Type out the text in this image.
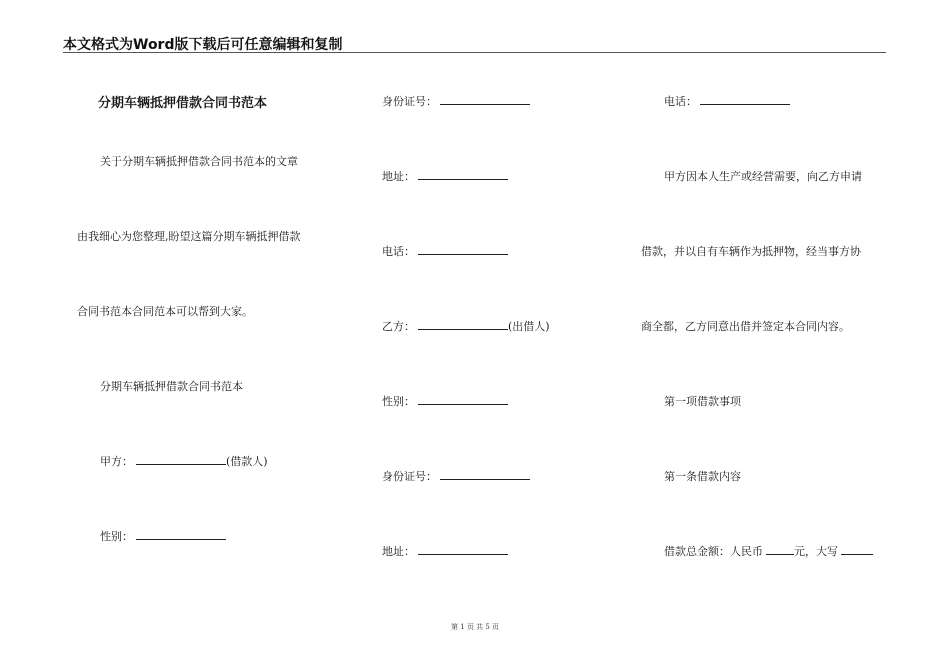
本文格式为Word版下载后可任意编辑和复制
分期车辆抵押借款合同书范本
关于分期车辆抵押借款合同书范本的文章
由我细心为您整理,盼望这篇分期车辆抵押借款
合同书范本合同范本可以帮到大家。
分期车辆抵押借款合同书范本
甲方：	(借款人)
性别：
身份证号：
地址：
电话：
乙方：	(出借人)
性别：
身份证号：
地址：
电话：
甲方因本人生产或经营需要，向乙方申请
借款，并以自有车辆作为抵押物，经当事方协
商全都，乙方同意出借并签定本合同内容。
第一项借款事项
第一条借款内容
借款总金额：人民币	元，大写
第 1 页 共 5 页
